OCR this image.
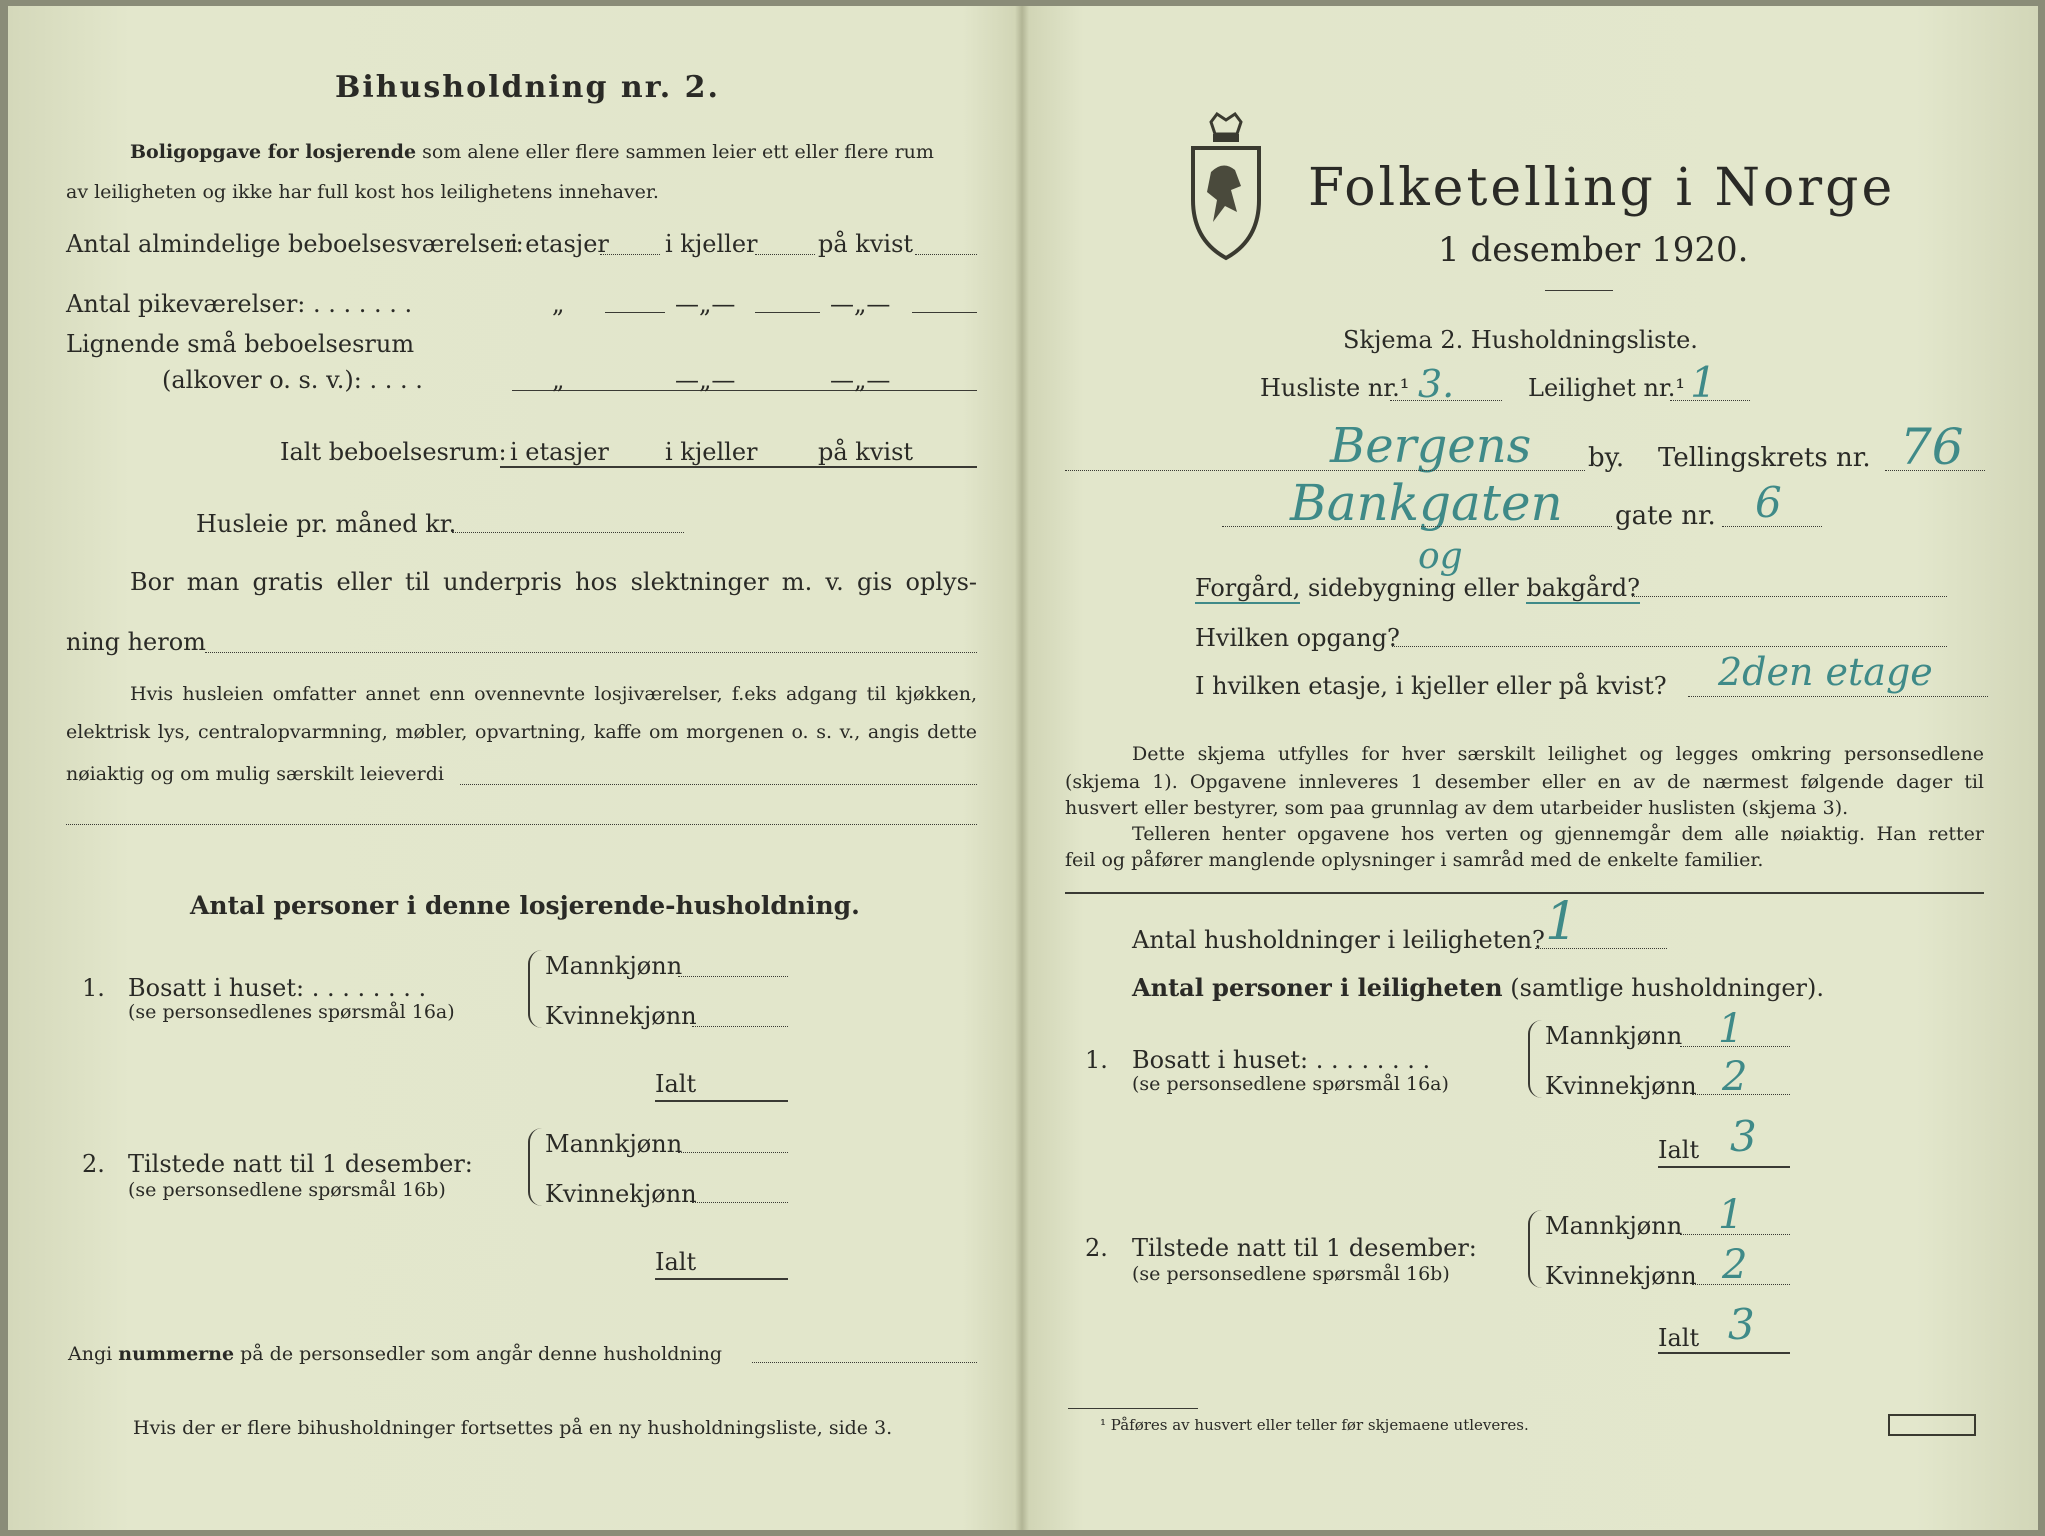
Bihusholdning nr. 2.
Boligopgave for losjerende som alene eller flere sammen leier ett eller flere rum
av leiligheten og ikke har full kost hos leilighetens innehaver.
Antal almindelige beboelsesværelser:
i etasjer i kjeller	på kvist
Antal pikeværelser: . . . . . . .	„	—„—	—„—
Lignende små beboelsesrum
(alkover o. s. v.): . . . .	„	—„—	—„—
Ialt beboelsesrum: i etasjer i kjeller	på kvist
Husleie pr. måned kr.
Bor man gratis eller til underpris hos slektninger m. v. gis oplys-
ning herom
Hvis husleien omfatter annet enn ovennevnte losjiværelser, f.eks adgang til kjøkken,
elektrisk lys, centralopvarmning, møbler, opvartning, kaffe om morgenen o. s. v., angis dette
nøiaktig og om mulig særskilt leieverdi
Antal personer i denne losjerende-husholdning.
1. Bosatt i huset: . . . . . . . .
(se personsedlenes spørsmål 16a)
Mannkjønn
Kvinnekjønn
Ialt
2. Tilstede natt til 1 desember:
(se personsedlene spørsmål 16b)
Mannkjønn
Kvinnekjønn
Ialt
Angi nummerne på de personsedler som angår denne husholdning
Hvis der er flere bihusholdninger fortsettes på en ny husholdningsliste, side 3.
Folketelling i Norge
1 desember 1920.
Skjema 2. Husholdningsliste.
Husliste nr.¹ 3.	Leilighet nr.¹ 1
Bergens by. Tellingskrets nr. 76
Bankgaten gate nr. 6
og
Forgård, sidebygning eller bakgård?
Hvilken opgang?
I hvilken etasje, i kjeller eller på kvist? 2den etage
Dette skjema utfylles for hver særskilt leilighet og legges omkring personsedlene
(skjema 1). Opgavene innleveres 1 desember eller en av de nærmest følgende dager til
husvert eller bestyrer, som paa grunnlag av dem utarbeider huslisten (skjema 3).
Telleren henter opgavene hos verten og gjennemgår dem alle nøiaktig. Han retter
feil og påfører manglende oplysninger i samråd med de enkelte familier.
Antal husholdninger i leiligheten? 1
Antal personer i leiligheten (samtlige husholdninger).
1. Bosatt i huset: . . . . . . . .
(se personsedlene spørsmål 16a)
Mannkjønn 1
Kvinnekjønn 2
Ialt 3
2. Tilstede natt til 1 desember:
(se personsedlene spørsmål 16b)
Mannkjønn 1
Kvinnekjønn 2
Ialt 3
¹ Påføres av husvert eller teller før skjemaene utleveres.
